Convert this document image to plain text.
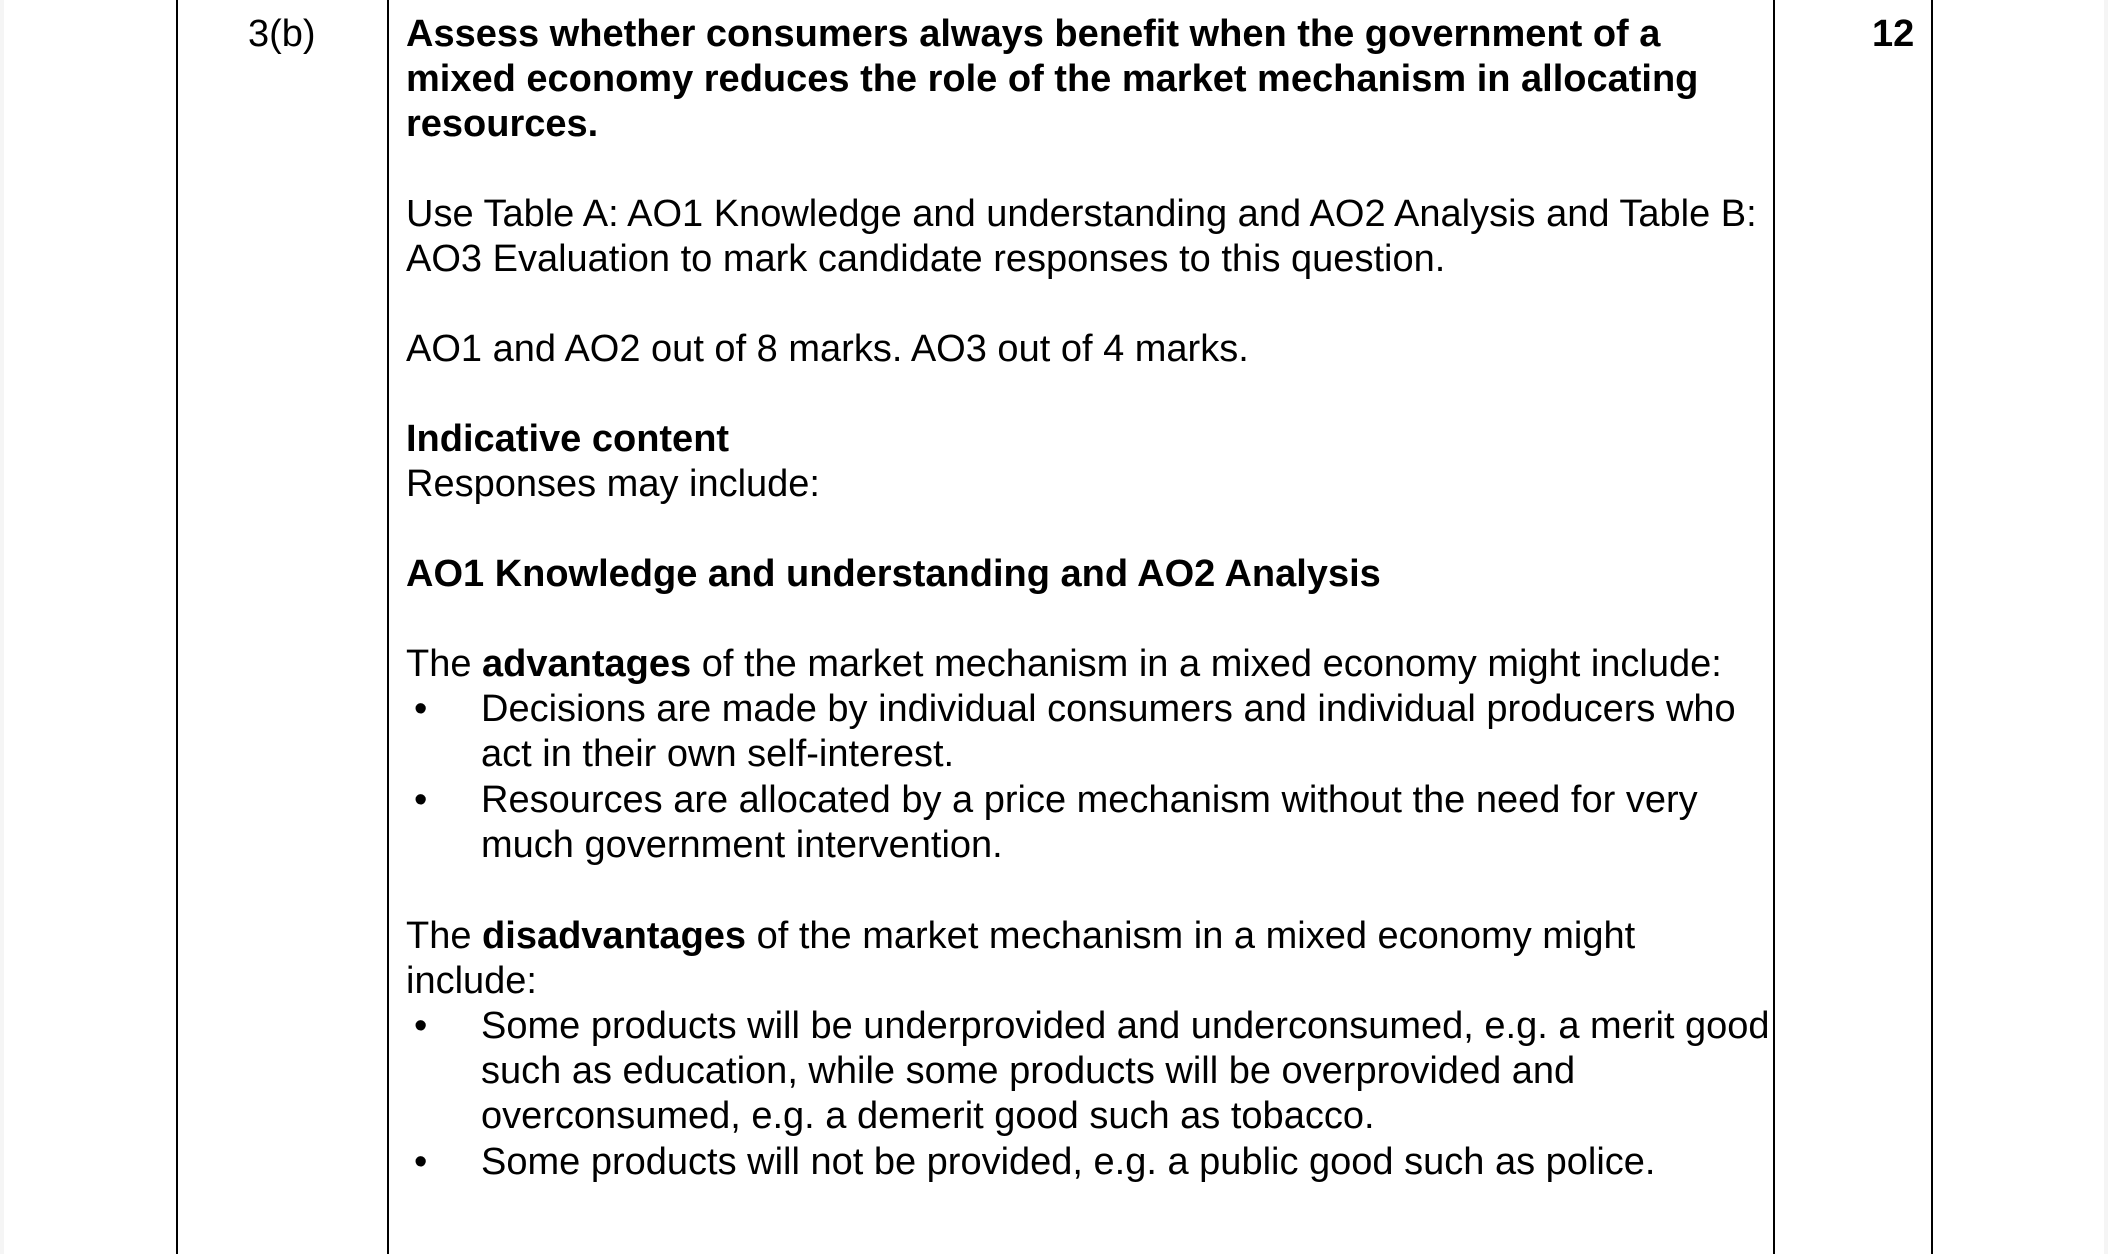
3(b)	12

Assess whether consumers always benefit when the government of a mixed economy reduces the role of the market mechanism in allocating resources.

Use Table A: AO1 Knowledge and understanding and AO2 Analysis and Table B: AO3 Evaluation to mark candidate responses to this question.

AO1 and AO2 out of 8 marks. AO3 out of 4 marks.

Indicative content

Responses may include:

AO1 Knowledge and understanding and AO2 Analysis

The advantages of the market mechanism in a mixed economy might include:

• Decisions are made by individual consumers and individual producers who act in their own self-interest.
• Resources are allocated by a price mechanism without the need for very much government intervention.

The disadvantages of the market mechanism in a mixed economy might include:

• Some products will be underprovided and underconsumed, e.g. a merit good such as education, while some products will be overprovided and overconsumed, e.g. a demerit good such as tobacco.
• Some products will not be provided, e.g. a public good such as police.
